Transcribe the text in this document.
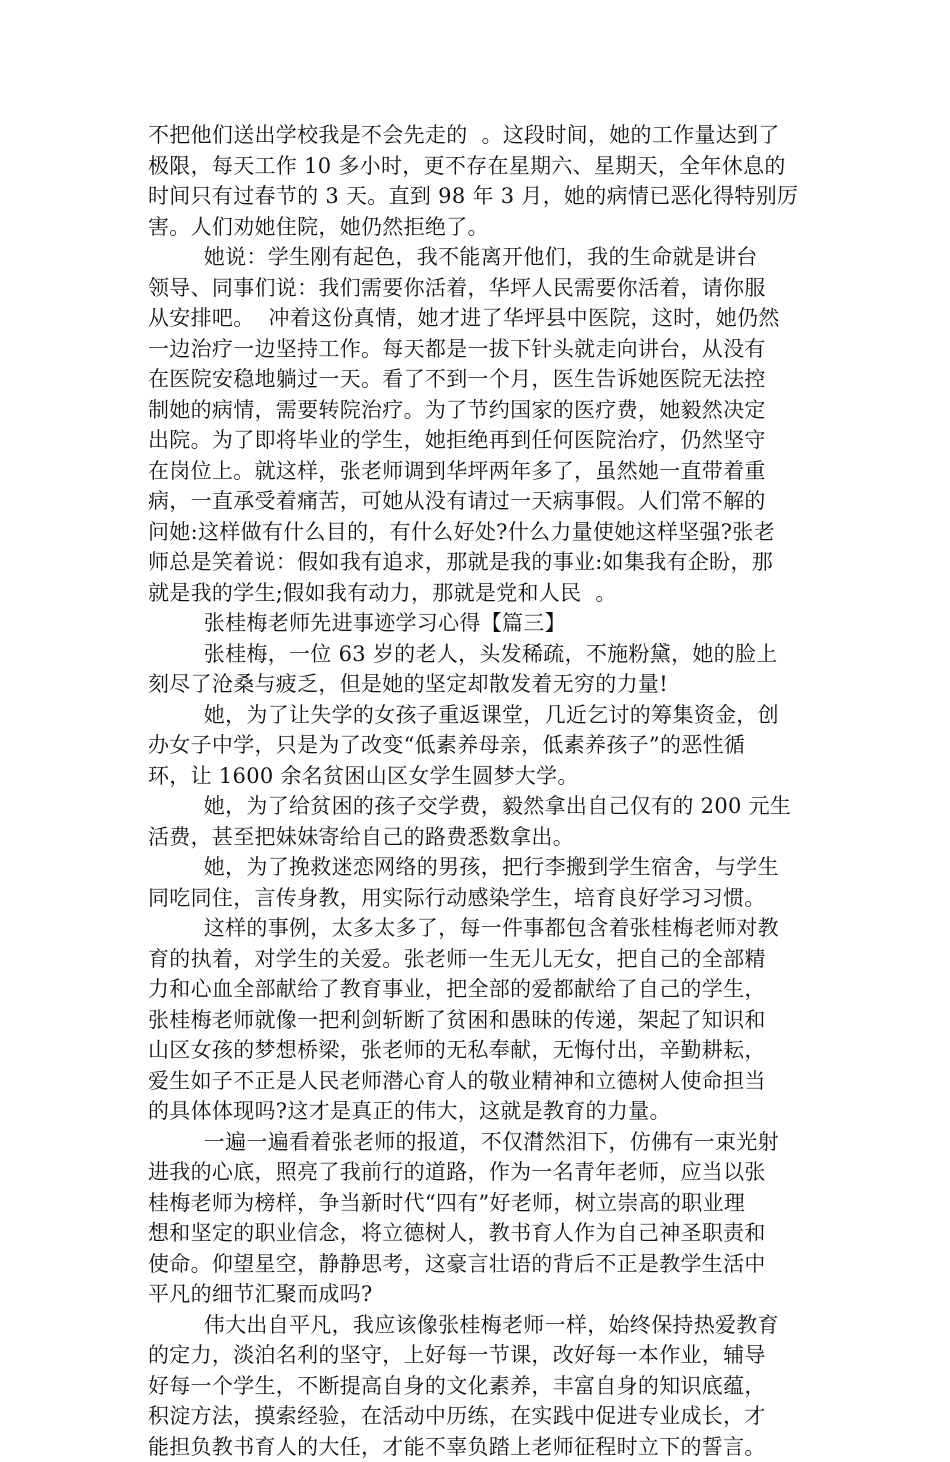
不把他们送出学校我是不会先走的  。这段时间，她的工作量达到了
极限，每天工作 10 多小时，更不存在星期六、星期天，全年休息的
时间只有过春节的 3 天。直到 98 年 3 月，她的病情已恶化得特别厉
害。人们劝她住院，她仍然拒绝了。
她说：学生刚有起色，我不能离开他们，我的生命就是讲台
领导、同事们说：我们需要你活着，华坪人民需要你活着，请你服
从安排吧。  冲着这份真情，她才进了华坪县中医院，这时，她仍然
一边治疗一边坚持工作。每天都是一拔下针头就走向讲台，从没有
在医院安稳地躺过一天。看了不到一个月，医生告诉她医院无法控
制她的病情，需要转院治疗。为了节约国家的医疗费，她毅然决定
出院。为了即将毕业的学生，她拒绝再到任何医院治疗，仍然坚守
在岗位上。就这样，张老师调到华坪两年多了，虽然她一直带着重
病，一直承受着痛苦，可她从没有请过一天病事假。人们常不解的
问她:这样做有什么目的，有什么好处?什么力量使她这样坚强?张老
师总是笑着说：假如我有追求，那就是我的事业:如集我有企盼，那
就是我的学生;假如我有动力，那就是党和人民  。
张桂梅老师先进事迹学习心得【篇三】
张桂梅，一位 63 岁的老人，头发稀疏，不施粉黛，她的脸上
刻尽了沧桑与疲乏，但是她的坚定却散发着无穷的力量!
她，为了让失学的女孩子重返课堂，几近乞讨的筹集资金，创
办女子中学，只是为了改变“低素养母亲，低素养孩子”的恶性循
环，让 1600 余名贫困山区女学生圆梦大学。
她，为了给贫困的孩子交学费，毅然拿出自己仅有的 200 元生
活费，甚至把妹妹寄给自己的路费悉数拿出。
她，为了挽救迷恋网络的男孩，把行李搬到学生宿舍，与学生
同吃同住，言传身教，用实际行动感染学生，培育良好学习习惯。
这样的事例，太多太多了，每一件事都包含着张桂梅老师对教
育的执着，对学生的关爱。张老师一生无儿无女，把自己的全部精
力和心血全部献给了教育事业，把全部的爱都献给了自己的学生，
张桂梅老师就像一把利剑斩断了贫困和愚昧的传递，架起了知识和
山区女孩的梦想桥梁，张老师的无私奉献，无悔付出，辛勤耕耘，
爱生如子不正是人民老师潜心育人的敬业精神和立德树人使命担当
的具体体现吗?这才是真正的伟大，这就是教育的力量。
一遍一遍看着张老师的报道，不仅潸然泪下，仿佛有一束光射
进我的心底，照亮了我前行的道路，作为一名青年老师，应当以张
桂梅老师为榜样，争当新时代“四有”好老师，树立崇高的职业理
想和坚定的职业信念，将立德树人，教书育人作为自己神圣职责和
使命。仰望星空，静静思考，这豪言壮语的背后不正是教学生活中
平凡的细节汇聚而成吗?
伟大出自平凡，我应该像张桂梅老师一样，始终保持热爱教育
的定力，淡泊名利的坚守，上好每一节课，改好每一本作业，辅导
好每一个学生，不断提高自身的文化素养，丰富自身的知识底蕴，
积淀方法，摸索经验，在活动中历练，在实践中促进专业成长，才
能担负教书育人的大任，才能不辜负踏上老师征程时立下的誓言。
